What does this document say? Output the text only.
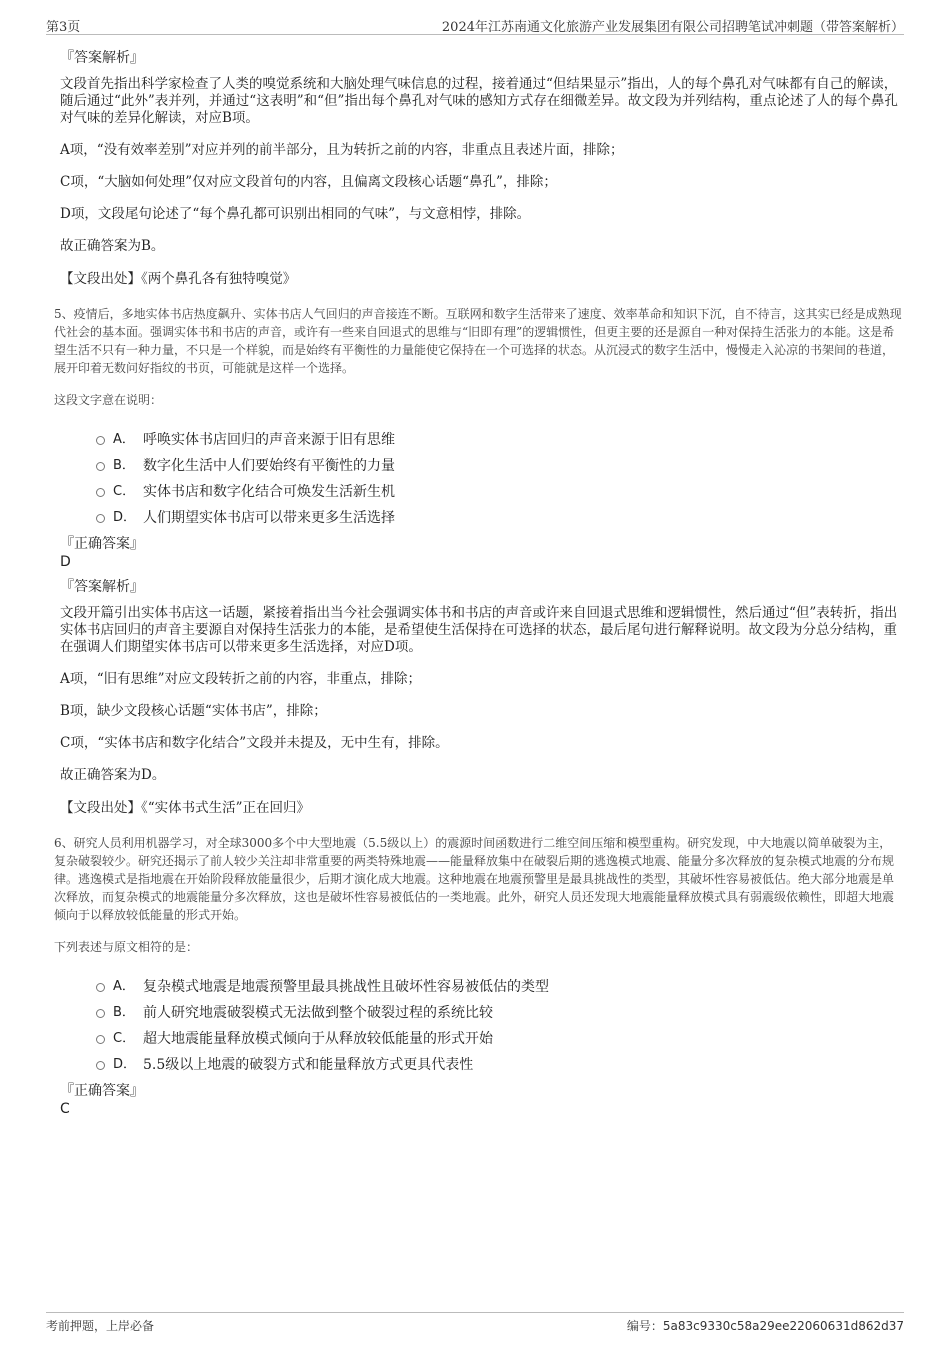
第3页	2024年江苏南通文化旅游产业发展集团有限公司招聘笔试冲刺题（带答案解析）
『答案解析』
文段首先指出科学家检查了人类的嗅觉系统和大脑处理气味信息的过程，接着通过“但结果显示”指出，人的每个鼻孔对气味都有自己的解读，随后通过“此外”表并列，并通过“这表明”和“但”指出每个鼻孔对气味的感知方式存在细微差异。故文段为并列结构，重点论述了人的每个鼻孔对气味的差异化解读，对应B项。
A项，“没有效率差别”对应并列的前半部分，且为转折之前的内容，非重点且表述片面，排除；
C项，“大脑如何处理”仅对应文段首句的内容，且偏离文段核心话题“鼻孔”，排除；
D项，文段尾句论述了“每个鼻孔都可识别出相同的气味”，与文意相悖，排除。
故正确答案为B。
【文段出处】《两个鼻孔各有独特嗅觉》
5、疫情后，多地实体书店热度飙升、实体书店人气回归的声音接连不断。互联网和数字生活带来了速度、效率革命和知识下沉，自不待言，这其实已经是成熟现代社会的基本面。强调实体书和书店的声音，或许有一些来自回退式的思维与“旧即有理”的逻辑惯性，但更主要的还是源自一种对保持生活张力的本能。这是希望生活不只有一种力量，不只是一个样貌，而是始终有平衡性的力量能使它保持在一个可选择的状态。从沉浸式的数字生活中，慢慢走入沁凉的书架间的巷道，展开印着无数问好指纹的书页，可能就是这样一个选择。
这段文字意在说明：
A． 呼唤实体书店回归的声音来源于旧有思维
B． 数字化生活中人们要始终有平衡性的力量
C． 实体书店和数字化结合可焕发生活新生机
D． 人们期望实体书店可以带来更多生活选择
『正确答案』
D
『答案解析』
文段开篇引出实体书店这一话题，紧接着指出当今社会强调实体书和书店的声音或许来自回退式思维和逻辑惯性，然后通过“但”表转折，指出实体书店回归的声音主要源自对保持生活张力的本能，是希望使生活保持在可选择的状态，最后尾句进行解释说明。故文段为分总分结构，重在强调人们期望实体书店可以带来更多生活选择，对应D项。
A项，“旧有思维”对应文段转折之前的内容，非重点，排除；
B项，缺少文段核心话题“实体书店”，排除；
C项，“实体书店和数字化结合”文段并未提及，无中生有，排除。
故正确答案为D。
【文段出处】《“实体书式生活”正在回归》
6、研究人员利用机器学习，对全球3000多个中大型地震（5.5级以上）的震源时间函数进行二维空间压缩和模型重构。研究发现，中大地震以简单破裂为主，复杂破裂较少。研究还揭示了前人较少关注却非常重要的两类特殊地震——能量释放集中在破裂后期的逃逸模式地震、能量分多次释放的复杂模式地震的分布规律。逃逸模式是指地震在开始阶段释放能量很少，后期才演化成大地震。这种地震在地震预警里是最具挑战性的类型，其破坏性容易被低估。绝大部分地震是单次释放，而复杂模式的地震能量分多次释放，这也是破坏性容易被低估的一类地震。此外，研究人员还发现大地震能量释放模式具有弱震级依赖性，即超大地震倾向于以释放较低能量的形式开始。
下列表述与原文相符的是：
A． 复杂模式地震是地震预警里最具挑战性且破坏性容易被低估的类型
B． 前人研究地震破裂模式无法做到整个破裂过程的系统比较
C． 超大地震能量释放模式倾向于从释放较低能量的形式开始
D． 5.5级以上地震的破裂方式和能量释放方式更具代表性
『正确答案』
C
考前押题，上岸必备	编号：5a83c9330c58a29ee22060631d862d37
